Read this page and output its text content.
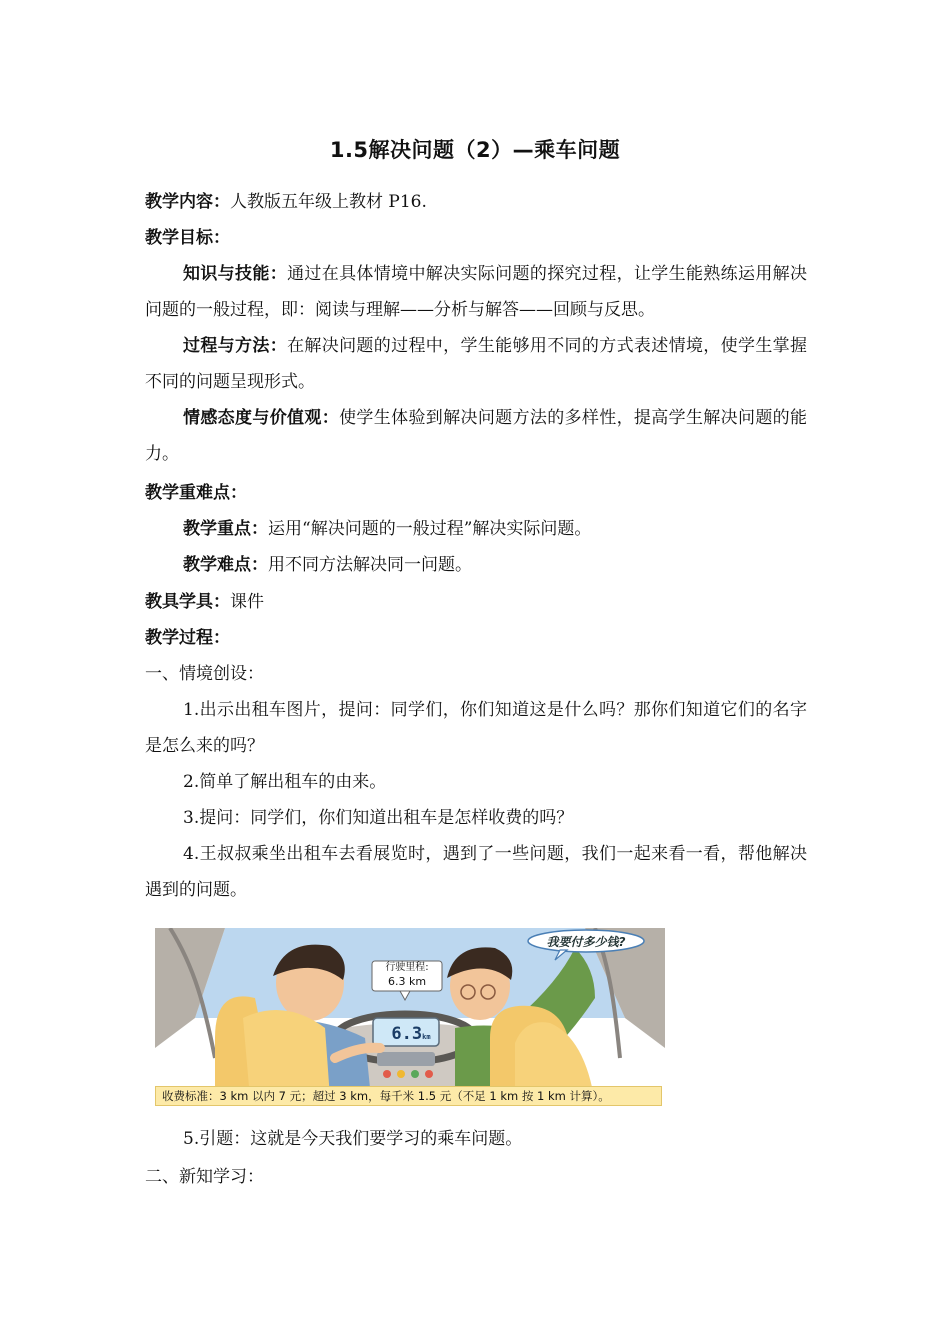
1.5解决问题（2）—乘车问题

教学内容：人教版五年级上教材 P16.

教学目标：

知识与技能：通过在具体情境中解决实际问题的探究过程，让学生能熟练运用解决问题的一般过程，即：阅读与理解——分析与解答——回顾与反思。

过程与方法：在解决问题的过程中，学生能够用不同的方式表述情境，使学生掌握不同的问题呈现形式。

情感态度与价值观：使学生体验到解决问题方法的多样性，提高学生解决问题的能力。

教学重难点：

教学重点：运用“解决问题的一般过程”解决实际问题。

教学难点：用不同方法解决同一问题。

教具学具：课件

教学过程：

一、情境创设：

1.出示出租车图片，提问：同学们，你们知道这是什么吗？那你们知道它们的名字是怎么来的吗？

2.简单了解出租车的由来。

3.提问：同学们，你们知道出租车是怎样收费的吗？

4.王叔叔乘坐出租车去看展览时，遇到了一些问题，我们一起来看一看，帮他解决遇到的问题。

我要付多少钱?
行驶里程:
6.3 km
6.3km
收费标准：3 km 以内 7 元；超过 3 km，每千米 1.5 元（不足 1 km 按 1 km 计算）。

5.引题：这就是今天我们要学习的乘车问题。

二、新知学习：
